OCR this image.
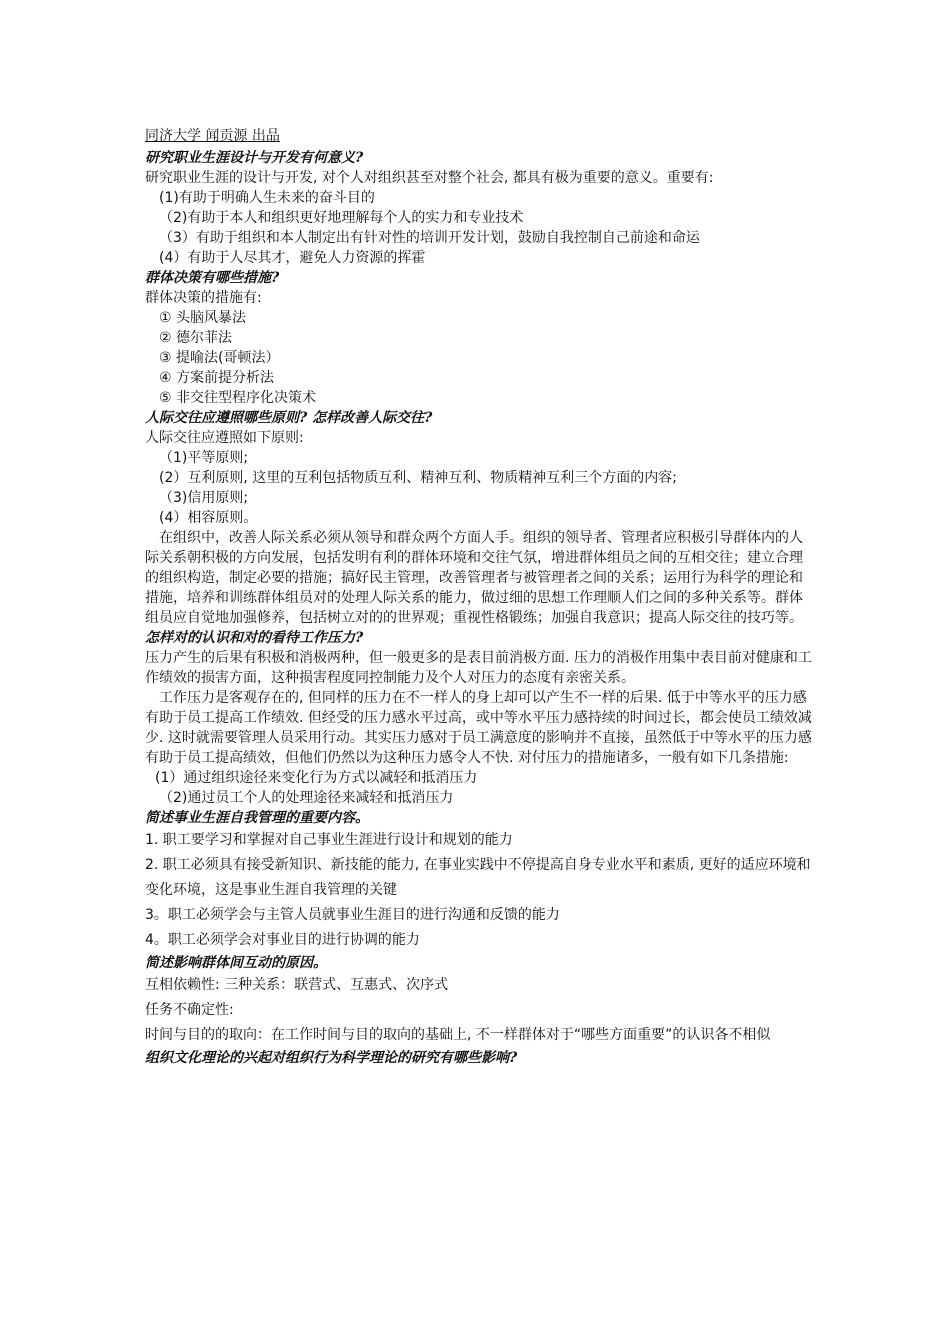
同济大学 闻贡源 出品
研究职业生涯设计与开发有何意义?

研究职业生涯的设计与开发, 对个人对组织甚至对整个社会, 都具有极为重要的意义。重要有:

(1)有助于明确人生未来的奋斗目的
（2)有助于本人和组织更好地理解每个人的实力和专业技术
（3）有助于组织和本人制定出有针对性的培训开发计划，鼓励自我控制自己前途和命运
(4）有助于人尽其才，避免人力资源的挥霍
群体决策有哪些措施?

群体决策的措施有:

① 头脑风暴法
② 德尔菲法
③ 提喻法(哥顿法）
④ 方案前提分析法
⑤ 非交往型程序化决策术
人际交往应遵照哪些原则? 怎样改善人际交往?

人际交往应遵照如下原则:

（1)平等原则;
(2）互利原则, 这里的互利包括物质互利、精神互利、物质精神互利三个方面的内容;
（3)信用原则;
(4）相容原则。

在组织中，改善人际关系必须从领导和群众两个方面人手。组织的领导者、管理者应积极引导群体内的人际关系朝积极的方向发展，包括发明有利的群体环境和交往气氛，增进群体组员之间的互相交往；建立合理的组织构造，制定必要的措施；搞好民主管理，改善管理者与被管理者之间的关系；运用行为科学的理论和措施，培养和训练群体组员对的处理人际关系的能力，做过细的思想工作理顺人们之间的多种关系等。群体组员应自觉地加强修养，包括树立对的的世界观；重视性格锻练；加强自我意识；提高人际交往的技巧等。

怎样对的认识和对的看待工作压力?

压力产生的后果有积极和消极两种，但一般更多的是表目前消极方面. 压力的消极作用集中表目前对健康和工作绩效的损害方面，这种损害程度同控制能力及个人对压力的态度有亲密关系。

工作压力是客观存在的, 但同样的压力在不一样人的身上却可以产生不一样的后果. 低于中等水平的压力感有助于员工提高工作绩效. 但经受的压力感水平过高，或中等水平压力感持续的时间过长，都会使员工绩效减少. 这时就需要管理人员采用行动。其实压力感对于员工满意度的影响并不直接，虽然低于中等水平的压力感有助于员工提高绩效，但他们仍然以为这种压力感令人不快. 对付压力的措施诸多，一般有如下几条措施:

(1）通过组织途径来变化行为方式以减轻和抵消压力
（2)通过员工个人的处理途径来减轻和抵消压力
简述事业生涯自我管理的重要内容。
1. 职工要学习和掌握对自己事业生涯进行设计和规划的能力
2. 职工必须具有接受新知识、新技能的能力, 在事业实践中不停提高自身专业水平和素质, 更好的适应环境和变化环境，这是事业生涯自我管理的关键
3。职工必须学会与主管人员就事业生涯目的进行沟通和反馈的能力
4。职工必须学会对事业目的进行协调的能力
简述影响群体间互动的原因。
互相依赖性: 三种关系：联营式、互惠式、次序式
任务不确定性:
时间与目的的取向：在工作时间与目的取向的基础上, 不一样群体对于“哪些方面重要”的认识各不相似
组织文化理论的兴起对组织行为科学理论的研究有哪些影响?
